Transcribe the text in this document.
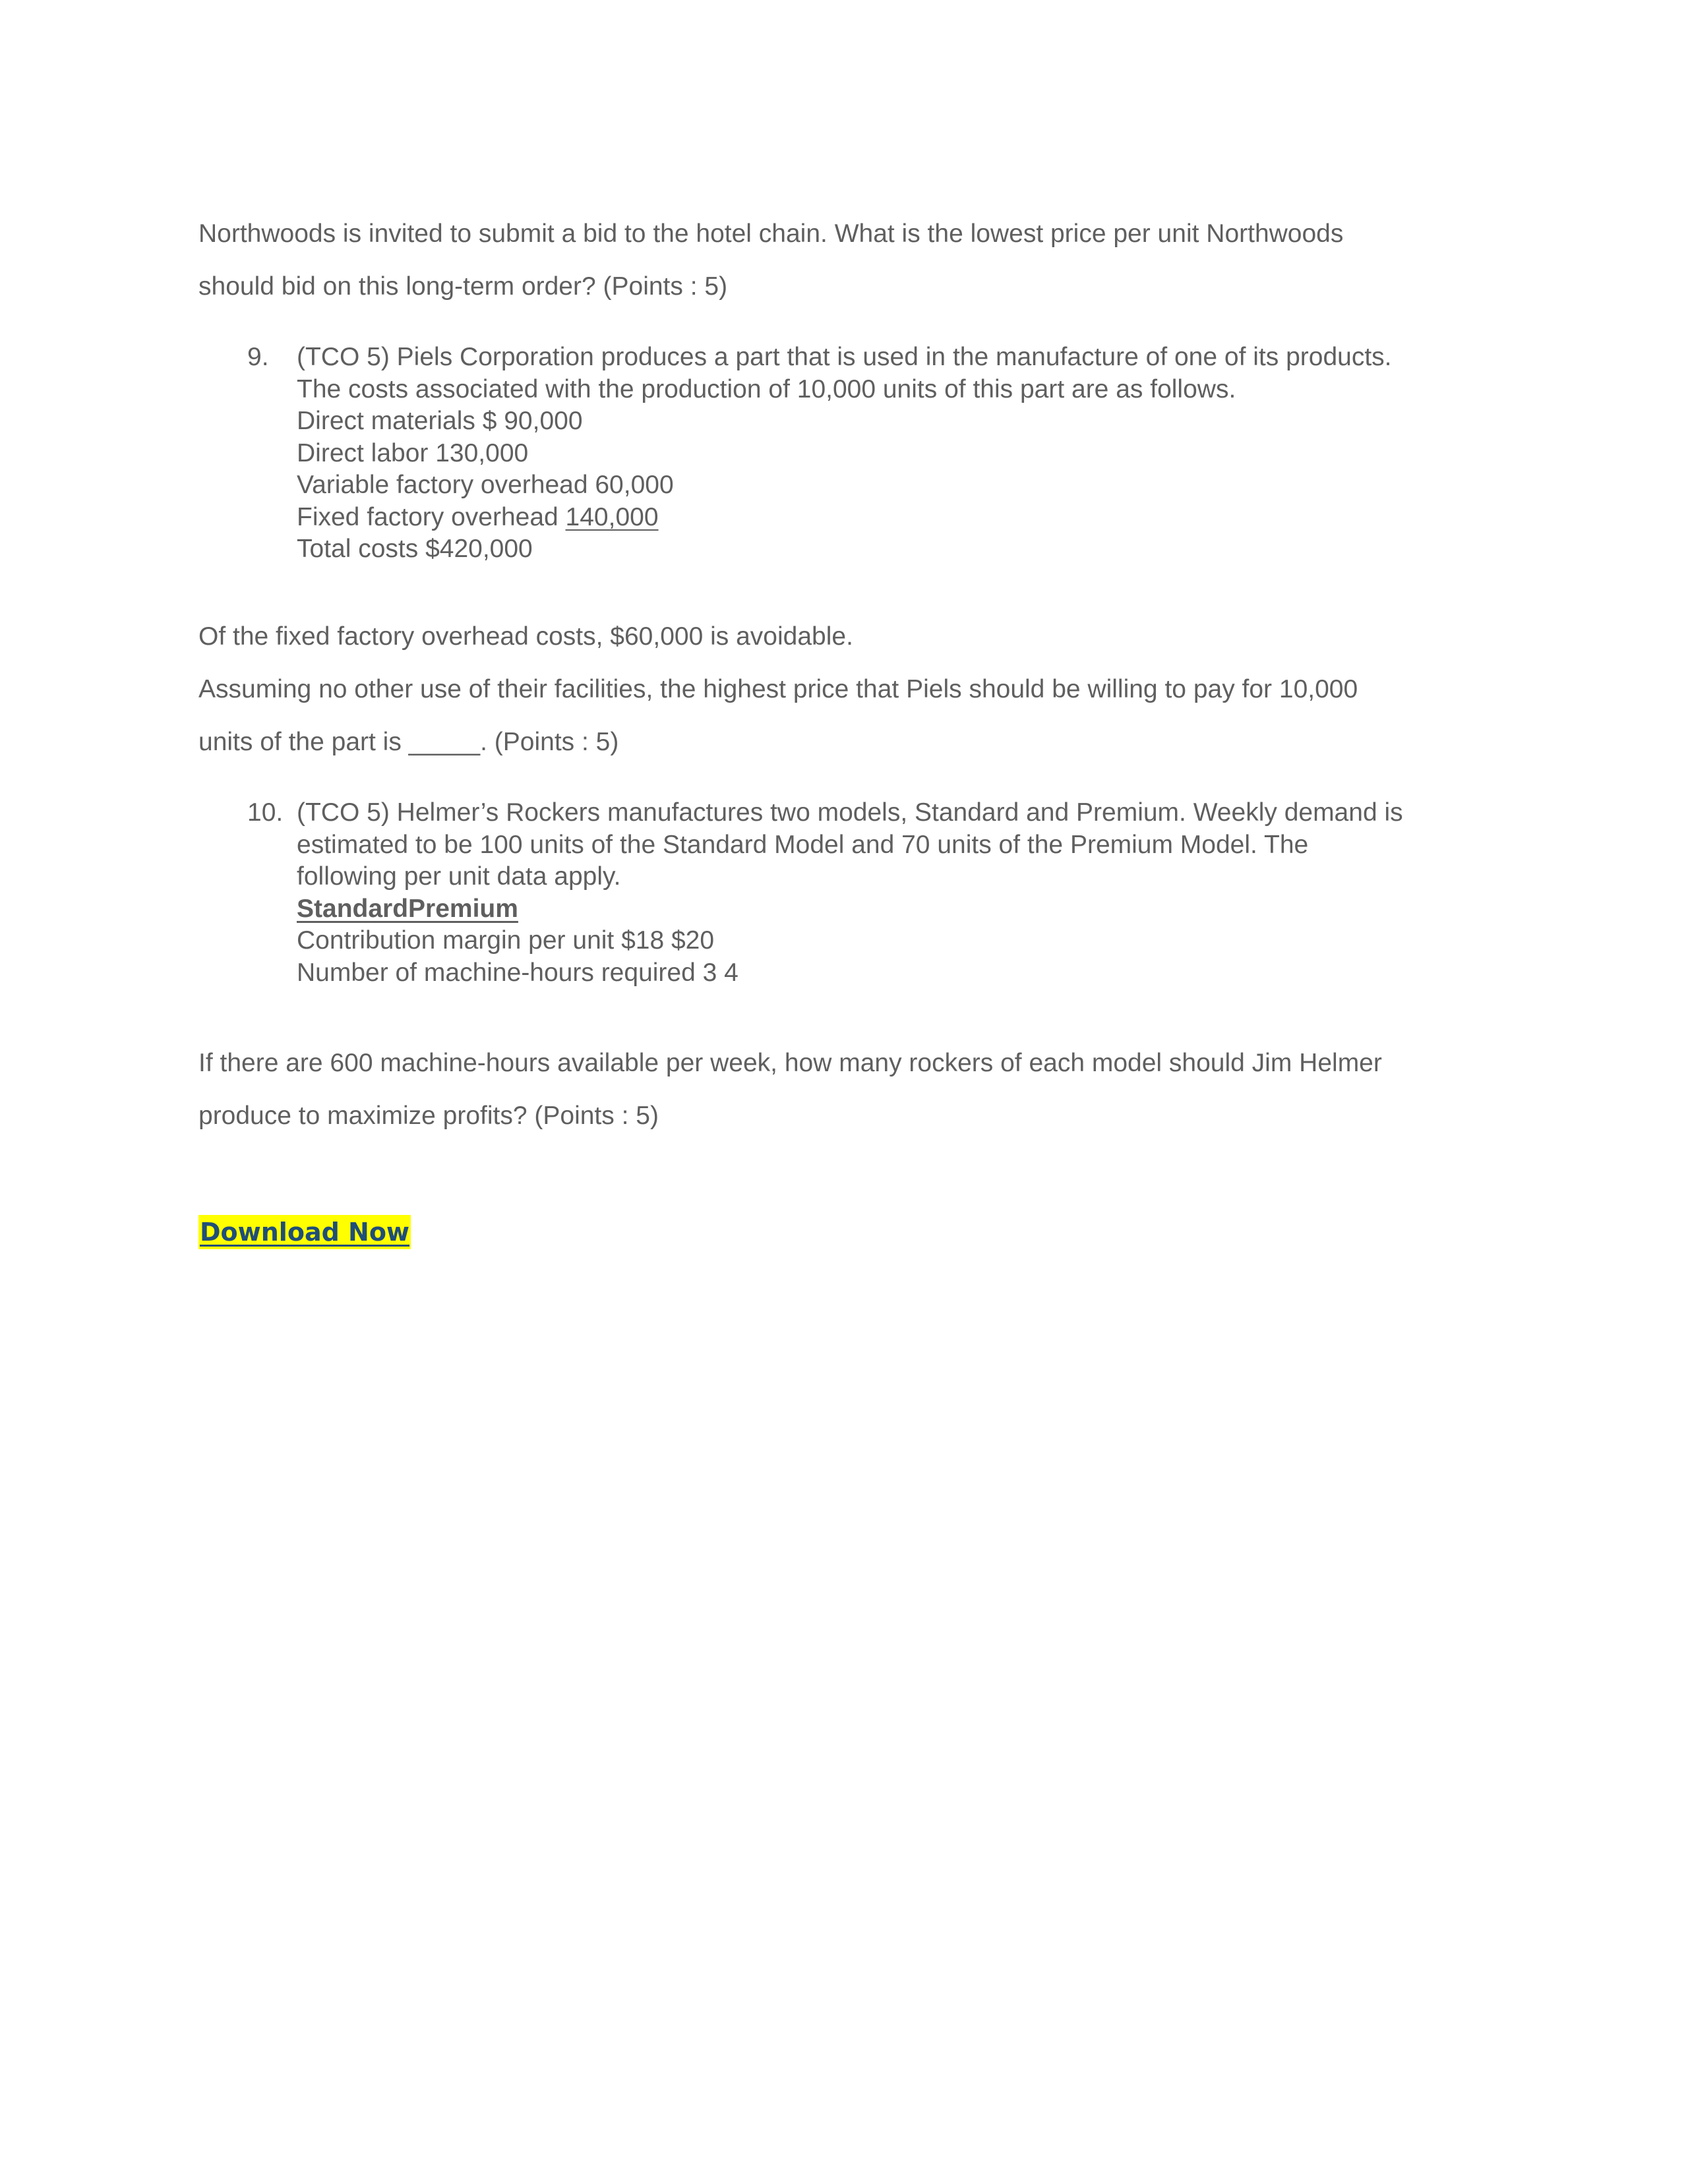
Northwoods is invited to submit a bid to the hotel chain. What is the lowest price per unit Northwoods
should bid on this long-term order? (Points : 5)

9. (TCO 5) Piels Corporation produces a part that is used in the manufacture of one of its products.
The costs associated with the production of 10,000 units of this part are as follows.
Direct materials $ 90,000
Direct labor 130,000
Variable factory overhead 60,000
Fixed factory overhead 140,000
Total costs $420,000

Of the fixed factory overhead costs, $60,000 is avoidable.
Assuming no other use of their facilities, the highest price that Piels should be willing to pay for 10,000
units of the part is _____. (Points : 5)

10. (TCO 5) Helmer’s Rockers manufactures two models, Standard and Premium. Weekly demand is
estimated to be 100 units of the Standard Model and 70 units of the Premium Model. The
following per unit data apply.
StandardPremium
Contribution margin per unit $18 $20
Number of machine-hours required 3 4

If there are 600 machine-hours available per week, how many rockers of each model should Jim Helmer
produce to maximize profits? (Points : 5)

Download Now
